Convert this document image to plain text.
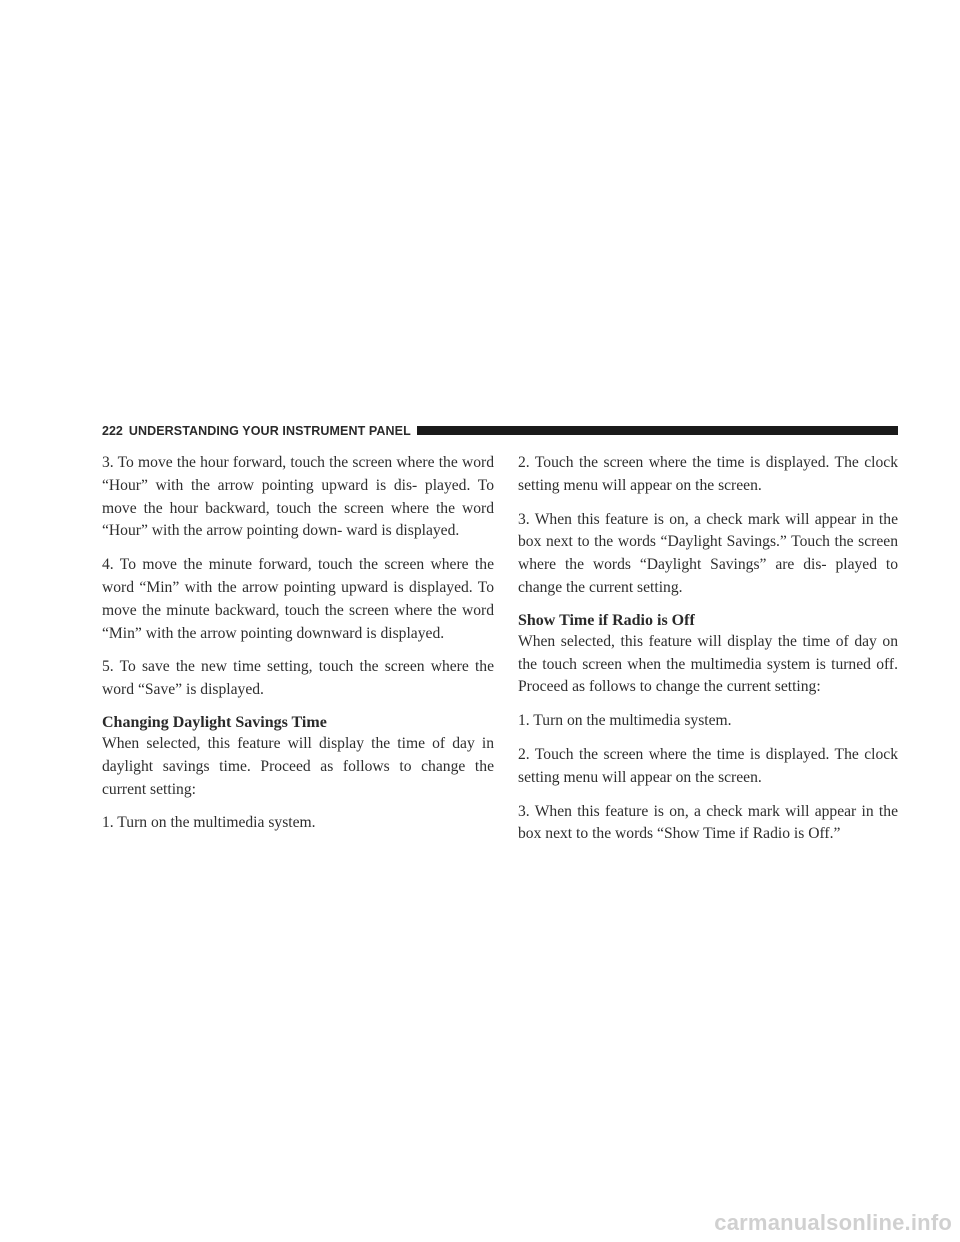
222 UNDERSTANDING YOUR INSTRUMENT PANEL

3. To move the hour forward, touch the screen where the word “Hour” with the arrow pointing upward is dis- played. To move the hour backward, touch the screen where the word “Hour” with the arrow pointing down- ward is displayed.

4. To move the minute forward, touch the screen where the word “Min” with the arrow pointing upward is displayed. To move the minute backward, touch the screen where the word “Min” with the arrow pointing downward is displayed.

5. To save the new time setting, touch the screen where the word “Save” is displayed.

Changing Daylight Savings Time

When selected, this feature will display the time of day in daylight savings time. Proceed as follows to change the current setting:

1. Turn on the multimedia system.

2. Touch the screen where the time is displayed. The clock setting menu will appear on the screen.

3. When this feature is on, a check mark will appear in the box next to the words “Daylight Savings.” Touch the screen where the words “Daylight Savings” are dis- played to change the current setting.

Show Time if Radio is Off

When selected, this feature will display the time of day on the touch screen when the multimedia system is turned off. Proceed as follows to change the current setting:

1. Turn on the multimedia system.

2. Touch the screen where the time is displayed. The clock setting menu will appear on the screen.

3. When this feature is on, a check mark will appear in the box next to the words “Show Time if Radio is Off.”

carmanualsonline.info
